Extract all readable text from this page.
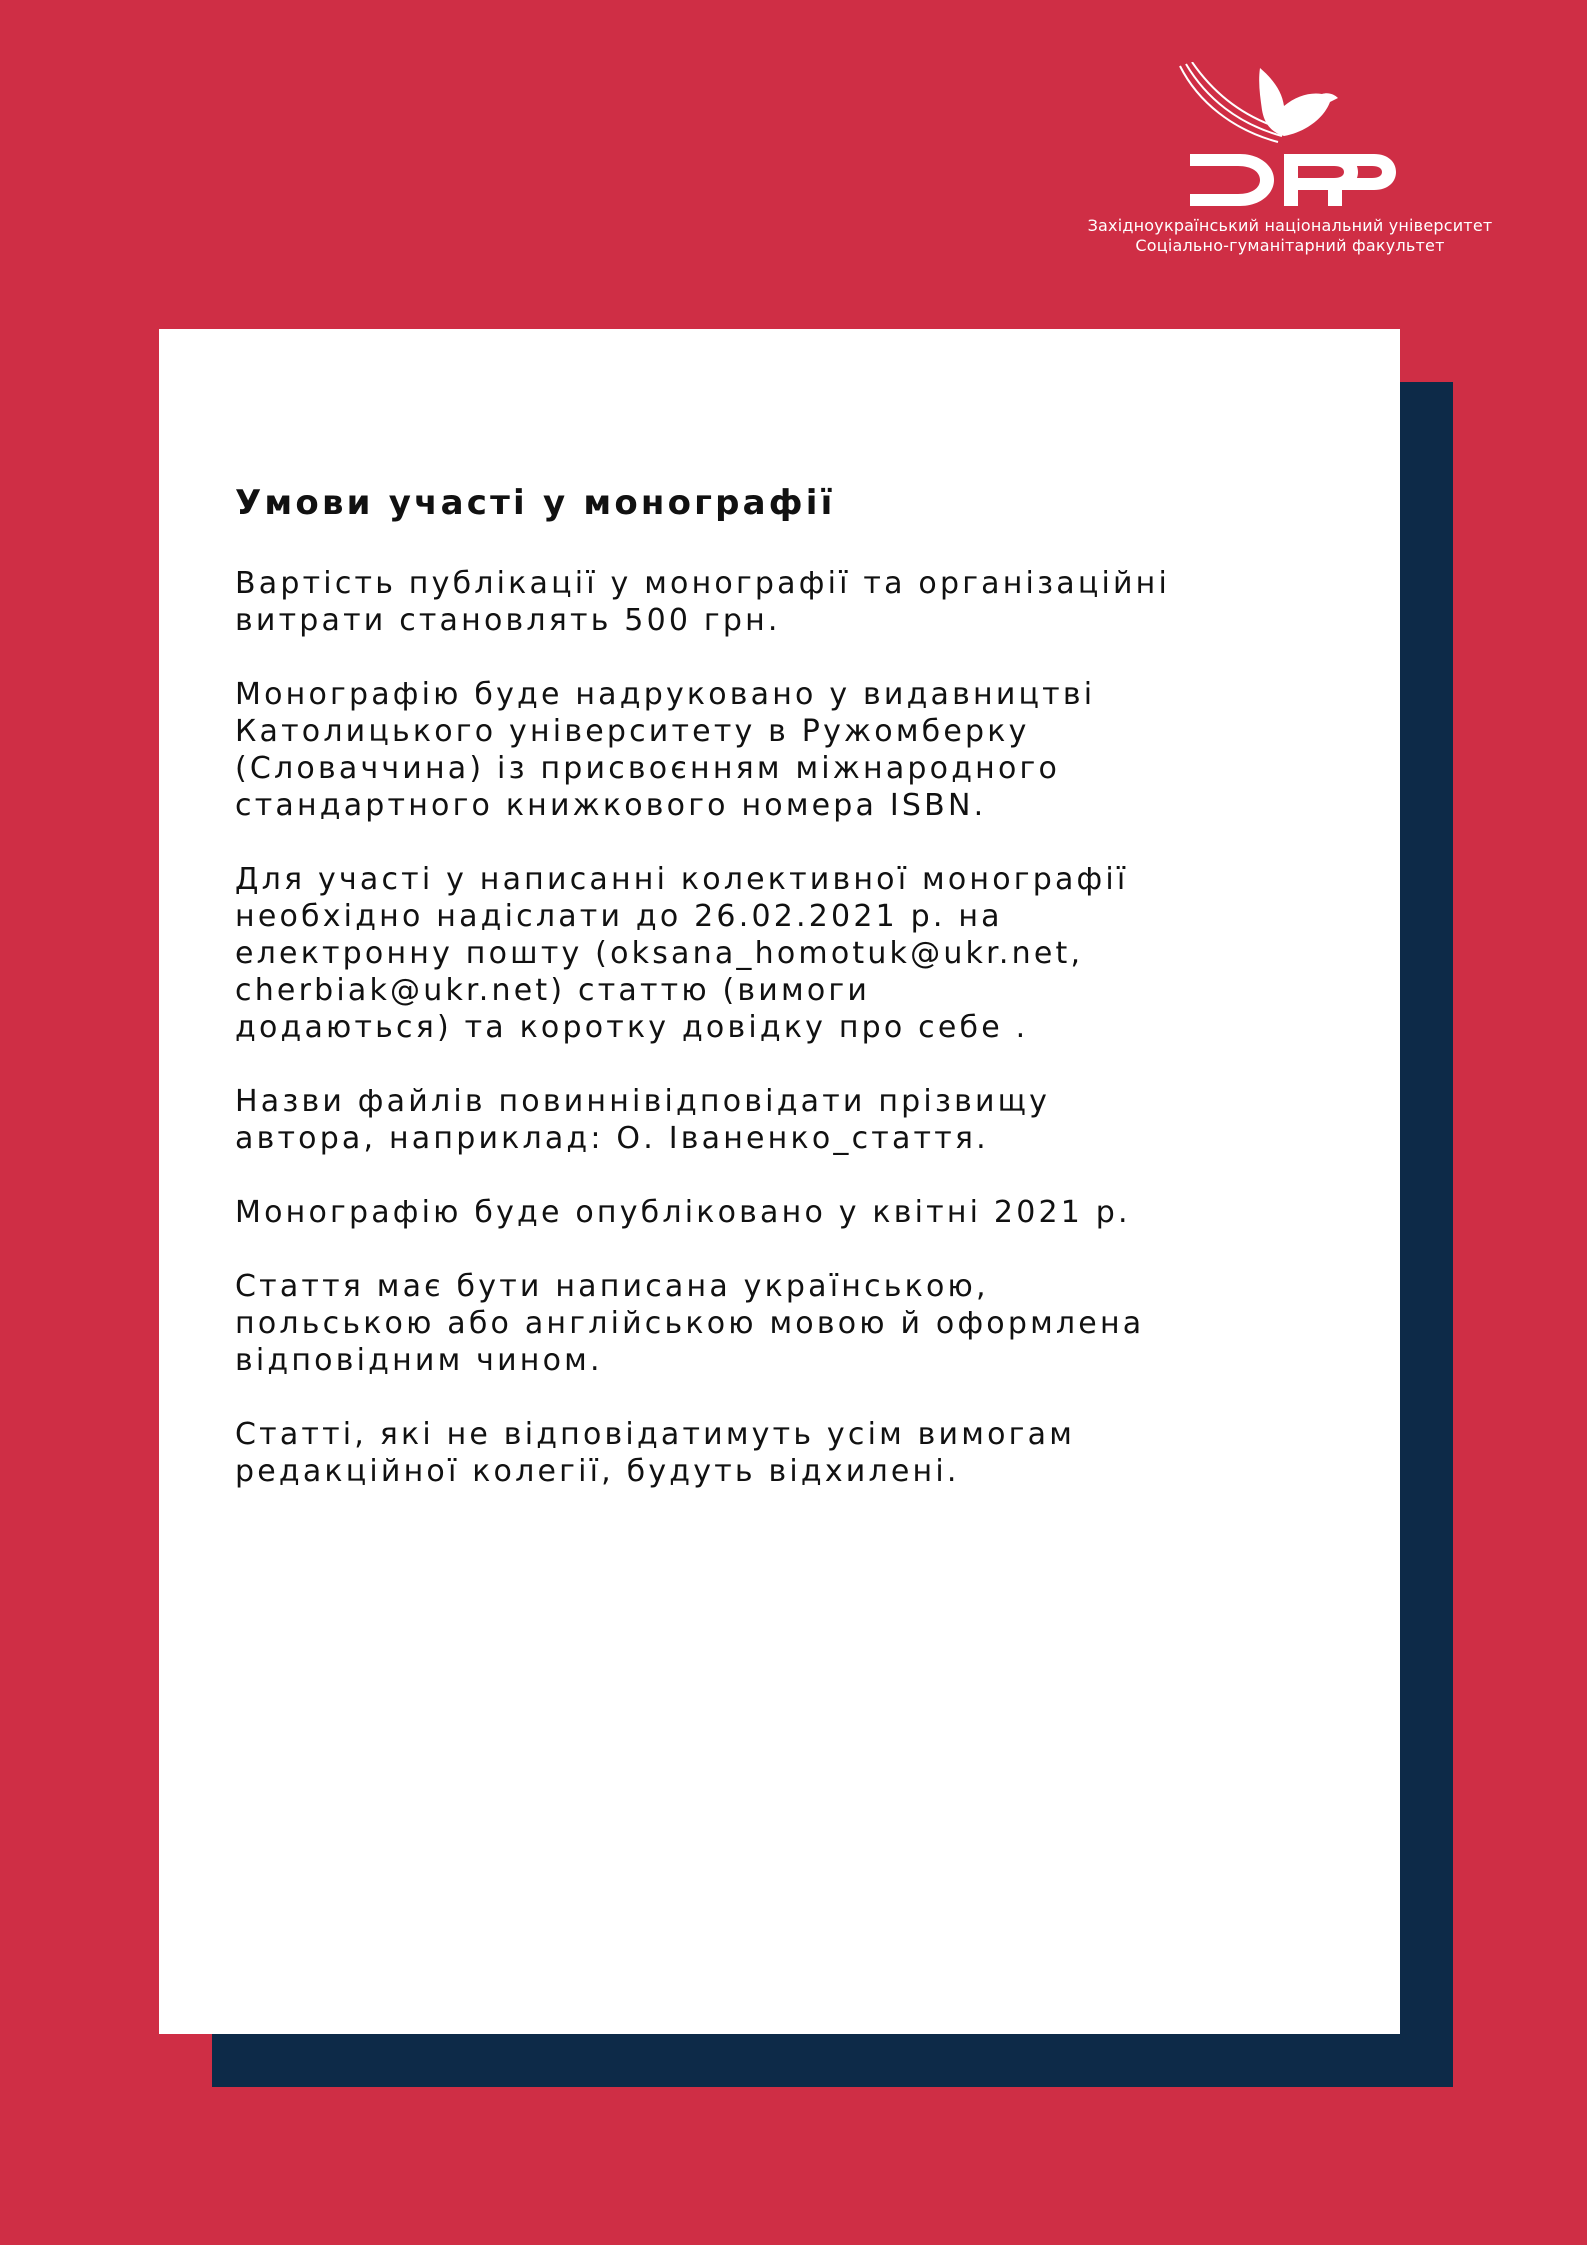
Західноукраїнський національний університет
Соціально-гуманітарний факультет
Умови участі у монографії

Вартість публікації у монографії та організаційні
витрати становлять 500 грн.

Монографію буде надруковано у видавництві
Католицького університету в Ружомберку
(Словаччина) із присвоєнням міжнародного
стандартного книжкового номера ISBN.

Для участі у написанні колективної монографії
необхідно надіслати до 26.02.2021 р. на
електронну пошту (oksana_homotuk@ukr.net,
cherbiak@ukr.net) статтю (вимоги
додаються) та коротку довідку про себе .

Назви файлів повиннівідповідати прізвищу
автора, наприклад: О. Іваненко_стаття.

Монографію буде опубліковано у квітні 2021 р.

Стаття має бути написана українською,
польською або англійською мовою й оформлена
відповідним чином.

Статті, які не відповідатимуть усім вимогам
редакційної колегії, будуть відхилені.
